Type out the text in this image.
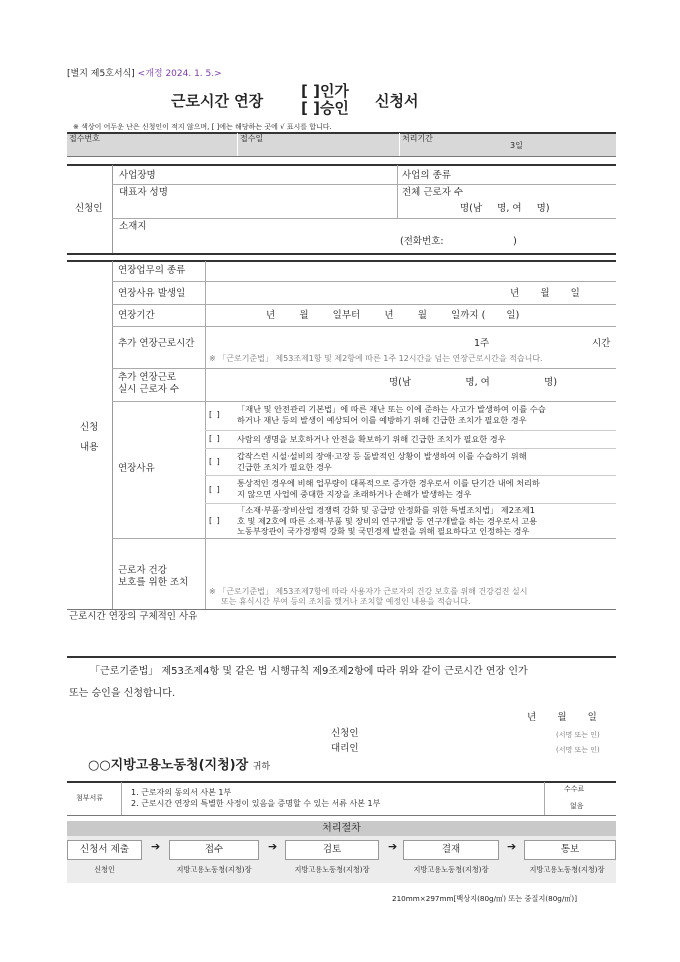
[별지 제5호서식] <개정 2024. 1. 5.>
근로시간 연장
[ ]인가
[ ]승인 신청서
※ 색상이 어두운 난은 신청인이 적지 않으며, [ ]에는 해당하는 곳에 √ 표시를 합니다.
접수번호	접수일	처리기간
3일
신청인
사업장명	사업의 종류
대표자 성명	전체 근로자 수
명(남     명, 여     명)
소재지
(전화번호:                       )
신청
내용
연장업무의 종류
연장사유 발생일	년       월       일
연장기간	년        월        일부터        년        월        일까지 (       일)
추가 연장근로시간	1주	시간
※ 「근로기준법」 제53조제1항 및 제2항에 따른 1주 12시간을 넘는 연장근로시간을 적습니다.
추가 연장근로
실시 근로자 수
명(남                  명, 여                  명)
연장사유
[ ]
「재난 및 안전관리 기본법」에 따른 재난 또는 이에 준하는 사고가 발생하여 이를 수습
하거나 재난 등의 발생이 예상되어 이를 예방하기 위해 긴급한 조치가 필요한 경우
[ ] 사람의 생명을 보호하거나 안전을 확보하기 위해 긴급한 조치가 필요한 경우
[ ]
갑작스런 시설·설비의 장애·고장 등 돌발적인 상황이 발생하여 이를 수습하기 위해
긴급한 조치가 필요한 경우
[ ]
통상적인 경우에 비해 업무량이 대폭적으로 증가한 경우로서 이를 단기간 내에 처리하
지 않으면 사업에 중대한 지장을 초래하거나 손해가 발생하는 경우
[ ]
「소재·부품·장비산업 경쟁력 강화 및 공급망 안정화를 위한 특별조치법」 제2조제1
호 및 제2호에 따른 소재·부품 및 장비의 연구개발 등 연구개발을 하는 경우로서 고용
노동부장관이 국가경쟁력 강화 및 국민경제 발전을 위해 필요하다고 인정하는 경우
근로자 건강
보호를 위한 조치
※ 「근로기준법」 제53조제7항에 따라 사용자가 근로자의 건강 보호를 위해 건강검진 실시
또는 휴식시간 부여 등의 조치를 했거나 조치할 예정인 내용을 적습니다.
근로시간 연장의 구체적인 사유
「근로기준법」 제53조제4항 및 같은 법 시행규칙 제9조제2항에 따라 위와 같이 근로시간 연장 인가
또는 승인을 신청합니다.
년       월       일
신청인	(서명 또는 인)
대리인	(서명 또는 인)
○○지방고용노동청(지청)장 귀하
첨부서류
1. 근로자의 동의서 사본 1부
2. 근로시간 연장의 특별한 사정이 있음을 증명할 수 있는 서류 사본 1부
수수료
없음
처리절차
신청서 제출	➔	접수	➔	검토	➔	결재	➔	통보
신청인	지방고용노동청(지청)장	지방고용노동청(지청)장	지방고용노동청(지청)장	지방고용노동청(지청)장
210mm×297mm[백상지(80g/㎡) 또는 중질지(80g/㎡)]
